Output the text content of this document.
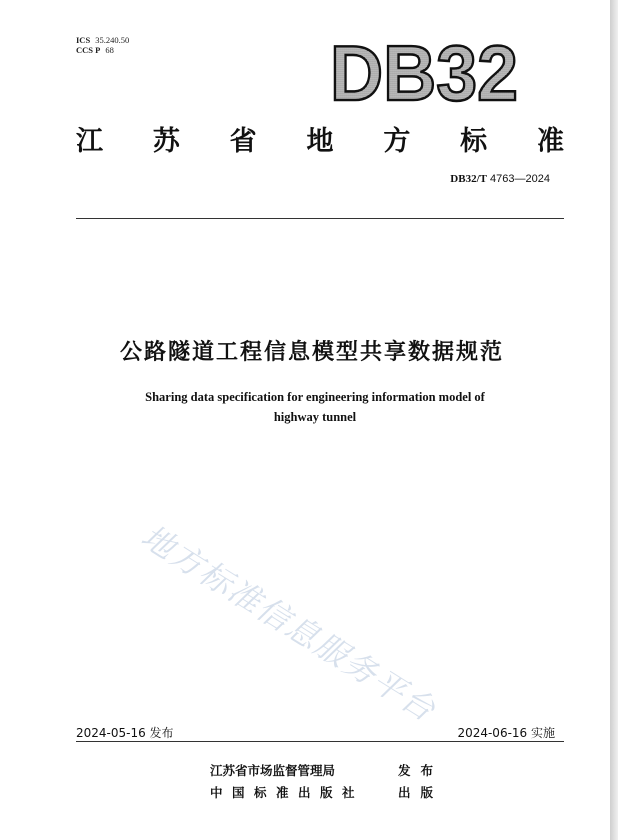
ICS 35.240.50
CCS P 68	DB32
江 苏 省 地 方 标 准
DB32/T 4763—2024
公路隧道工程信息模型共享数据规范
Sharing data specification for engineering information model of
highway tunnel
地方标准信息服务平台
2024-05-16 发布	2024-06-16 实施
江苏省市场监督管理局	发布
中国标准出版社	出版
